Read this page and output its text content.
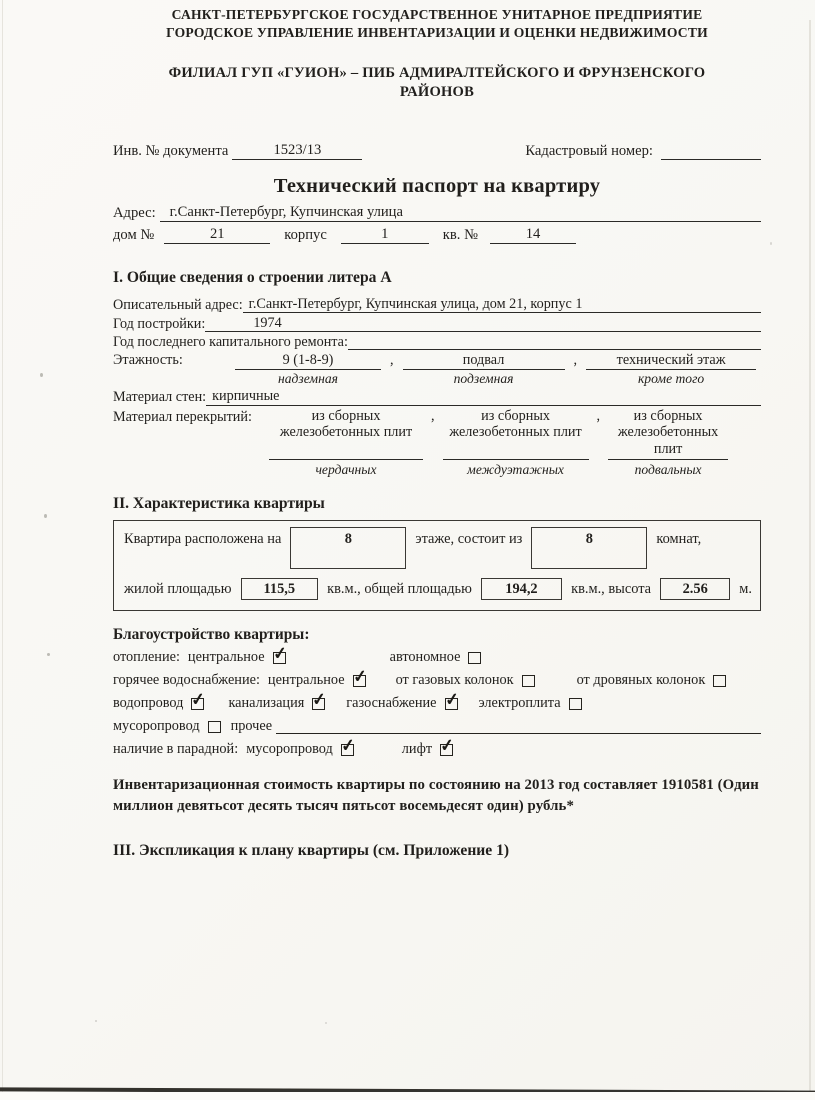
САНКТ-ПЕТЕРБУРГСКОЕ ГОСУДАРСТВЕННОЕ УНИТАРНОЕ ПРЕДПРИЯТИЕ
ГОРОДСКОЕ УПРАВЛЕНИЕ ИНВЕНТАРИЗАЦИИ И ОЦЕНКИ НЕДВИЖИМОСТИ
ФИЛИАЛ ГУП «ГУИОН» – ПИБ АДМИРАЛТЕЙСКОГО И ФРУНЗЕНСКОГО РАЙОНОВ
Инв. № документа	1523/13	Кадастровый номер:
Технический паспорт на квартиру
Адрес: г.Санкт-Петербург, Купчинская улица
дом №	21	корпус	1	кв. №	14
I. Общие сведения о строении литера А
Описательный адрес: г.Санкт-Петербург, Купчинская улица, дом 21, корпус 1
Год постройки:	1974
Год последнего капитального ремонта:
Этажность:	9 (1-8-9)
надземная
,	подвал
подземная
,	технический этаж
кроме того
Материал стен: кирпичные
Материал перекрытий:	из сборных железобетонных плит
чердачных
,	из сборных железобетонных плит
междуэтажных
,	из сборных железобетонных плит
подвальных
II. Характеристика квартиры
Квартира расположена на	8	этаже, состоит из	8	комнат,
жилой площадью	115,5	кв.м., общей площадью	194,2	кв.м., высота	2.56	м.
Благоустройство квартиры:
отопление: центральное ✓	автономное
горячее водоснабжение: центральное ✓	от газовых колонок	от дровяных колонок
водопровод ✓	канализация ✓	газоснабжение ✓	электроплита
мусоропровод прочее
наличие в парадной: мусоропровод ✓	лифт
✓
Инвентаризационная стоимость квартиры по состоянию на 2013 год составляет 1910581 (Один миллион девятьсот десять тысяч пятьсот восемьдесят один) рубль*
III. Экспликация к плану квартиры (см. Приложение 1)
